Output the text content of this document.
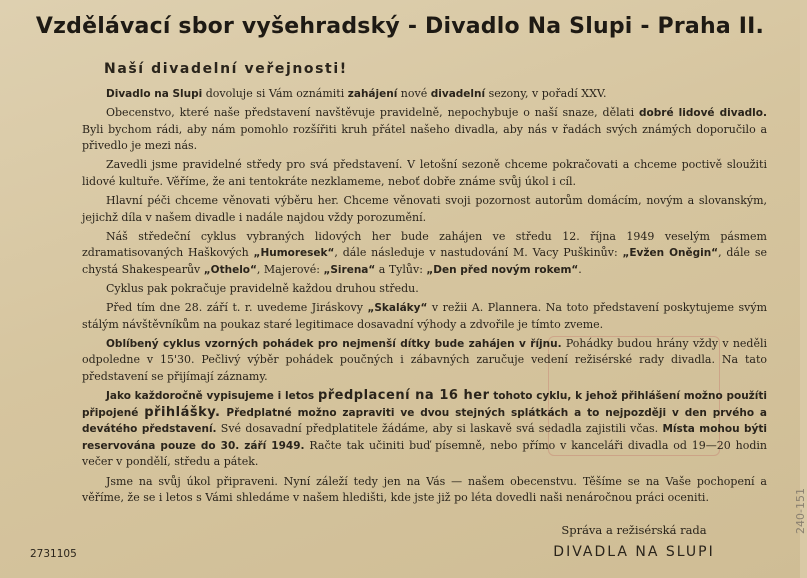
Vzdělávací sbor vyšehradský - Divadlo Na Slupi - Praha II.
Naší divadelní veřejnosti!
Divadlo na Slupi dovoluje si Vám oznámiti zahájení nové divadelní sezony, v pořadí XXV.
Obecenstvo, které naše představení navštěvuje pravidelně, nepochybuje o naší snaze, dělati dobré lidové divadlo. Byli bychom rádi, aby nám pomohlo rozšířiti kruh přátel našeho divadla, aby nás v řadách svých známých doporučilo a přivedlo je mezi nás.
Zavedli jsme pravidelné středy pro svá představení. V letošní sezoně chceme pokračovati a chceme poctivě sloužiti lidové kultuře. Věříme, že ani tentokráte nezklameme, neboť dobře známe svůj úkol i cíl.
Hlavní péči chceme věnovati výběru her. Chceme věnovati svoji pozornost autorům domácím, novým a slovanským, jejichž díla v našem divadle i nadále najdou vždy porozumění.
Náš středeční cyklus vybraných lidových her bude zahájen ve středu 12. října 1949 veselým pásmem zdramatisovaných Haškových „Humoresek“, dále následuje v nastudování M. Vacy Puškinův: „Evžen Oněgin“, dále se chystá Shakespearův „Othelo“, Majerové: „Sirena“ a Tylův: „Den před novým rokem“.
Cyklus pak pokračuje pravidelně každou druhou středu.
Před tím dne 28. září t. r. uvedeme Jiráskovy „Skaláky“ v režii A. Plannera. Na toto představení poskytujeme svým stálým návštěvníkům na poukaz staré legitimace dosavadní výhody a zdvořile je tímto zveme.
Oblíbený cyklus vzorných pohádek pro nejmenší dítky bude zahájen v říjnu. Pohádky budou hrány vždy v neděli odpoledne v 15'30. Pečlivý výběr pohádek poučných i zábavných zaručuje vedení režisérské rady divadla. Na tato představení se přijímají záznamy.
Jako každoročně vypisujeme i letos předplacení na 16 her tohoto cyklu, k jehož přihlášení možno použíti připojené přihlášky. Předplatné možno zapraviti ve dvou stejných splátkách a to nejpozději v den prvého a devátého představení. Své dosavadní předplatitele žádáme, aby si laskavě svá sedadla zajistili včas. Místa mohou býti reservována pouze do 30. září 1949. Račte tak učiniti buď písemně, nebo přímo v kanceláři divadla od 19—20 hodin večer v pondělí, středu a pátek.
Jsme na svůj úkol připraveni. Nyní záleží tedy jen na Vás — našem obecenstvu. Těšíme se na Vaše pochopení a věříme, že se i letos s Vámi shledáme v našem hledišti, kde jste již po léta dovedli naši nenáročnou práci oceniti.
Správa a režisérská rada
DIVADLA NA SLUPI
2731105
240-151
